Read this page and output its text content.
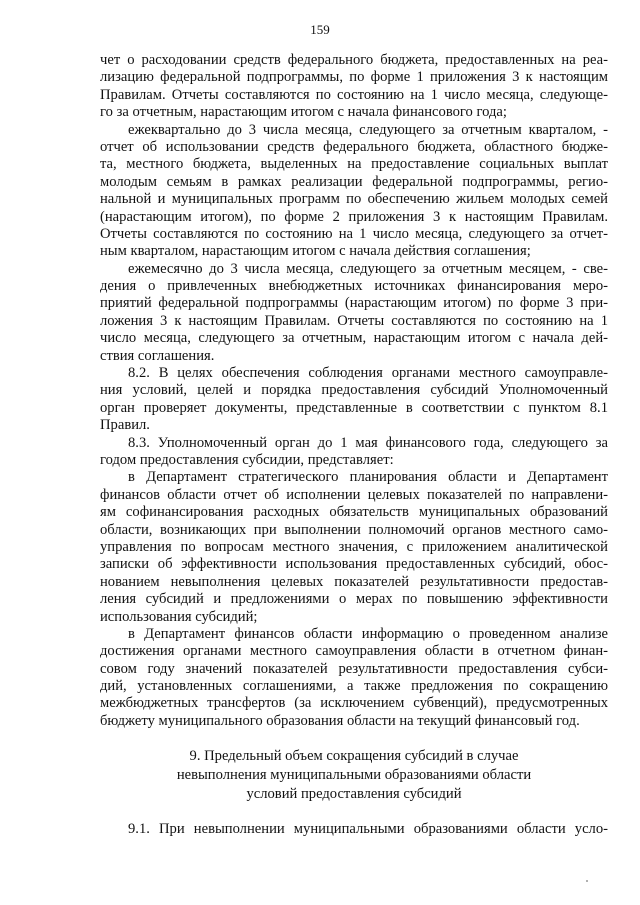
159
чет о расходовании средств федерального бюджета, предоставленных на реа-
лизацию федеральной подпрограммы, по форме 1 приложения 3 к настоящим
Правилам. Отчеты составляются по состоянию на 1 число месяца, следующе-
го за отчетным, нарастающим итогом с начала финансового года;
ежеквартально до 3 числа месяца, следующего за отчетным кварталом, -
отчет об использовании средств федерального бюджета, областного бюдже-
та, местного бюджета, выделенных на предоставление социальных выплат
молодым семьям в рамках реализации федеральной подпрограммы, регио-
нальной и муниципальных программ по обеспечению жильем молодых семей
(нарастающим итогом), по форме 2 приложения 3 к настоящим Правилам.
Отчеты составляются по состоянию на 1 число месяца, следующего за отчет-
ным кварталом, нарастающим итогом с начала действия соглашения;
ежемесячно до 3 числа месяца, следующего за отчетным месяцем, - све-
дения о привлеченных внебюджетных источниках финансирования меро-
приятий федеральной подпрограммы (нарастающим итогом) по форме 3 при-
ложения 3 к настоящим Правилам. Отчеты составляются по состоянию на 1
число месяца, следующего за отчетным, нарастающим итогом с начала дей-
ствия соглашения.
8.2. В целях обеспечения соблюдения органами местного самоуправле-
ния условий, целей и порядка предоставления субсидий Уполномоченный
орган проверяет документы, представленные в соответствии с пунктом 8.1
Правил.
8.3. Уполномоченный орган до 1 мая финансового года, следующего за
годом предоставления субсидии, представляет:
в Департамент стратегического планирования области и Департамент
финансов области отчет об исполнении целевых показателей по направлени-
ям софинансирования расходных обязательств муниципальных образований
области, возникающих при выполнении полномочий органов местного само-
управления по вопросам местного значения, с приложением аналитической
записки об эффективности использования предоставленных субсидий, обос-
нованием невыполнения целевых показателей результативности предостав-
ления субсидий и предложениями о мерах по повышению эффективности
использования субсидий;
в Департамент финансов области информацию о проведенном анализе
достижения органами местного самоуправления области в отчетном финан-
совом году значений показателей результативности предоставления субси-
дий, установленных соглашениями, а также предложения по сокращению
межбюджетных трансфертов (за исключением субвенций), предусмотренных
бюджету муниципального образования области на текущий финансовый год.
9. Предельный объем сокращения субсидий в случае
невыполнения муниципальными образованиями области
условий предоставления субсидий
9.1. При невыполнении муниципальными образованиями области усло-
